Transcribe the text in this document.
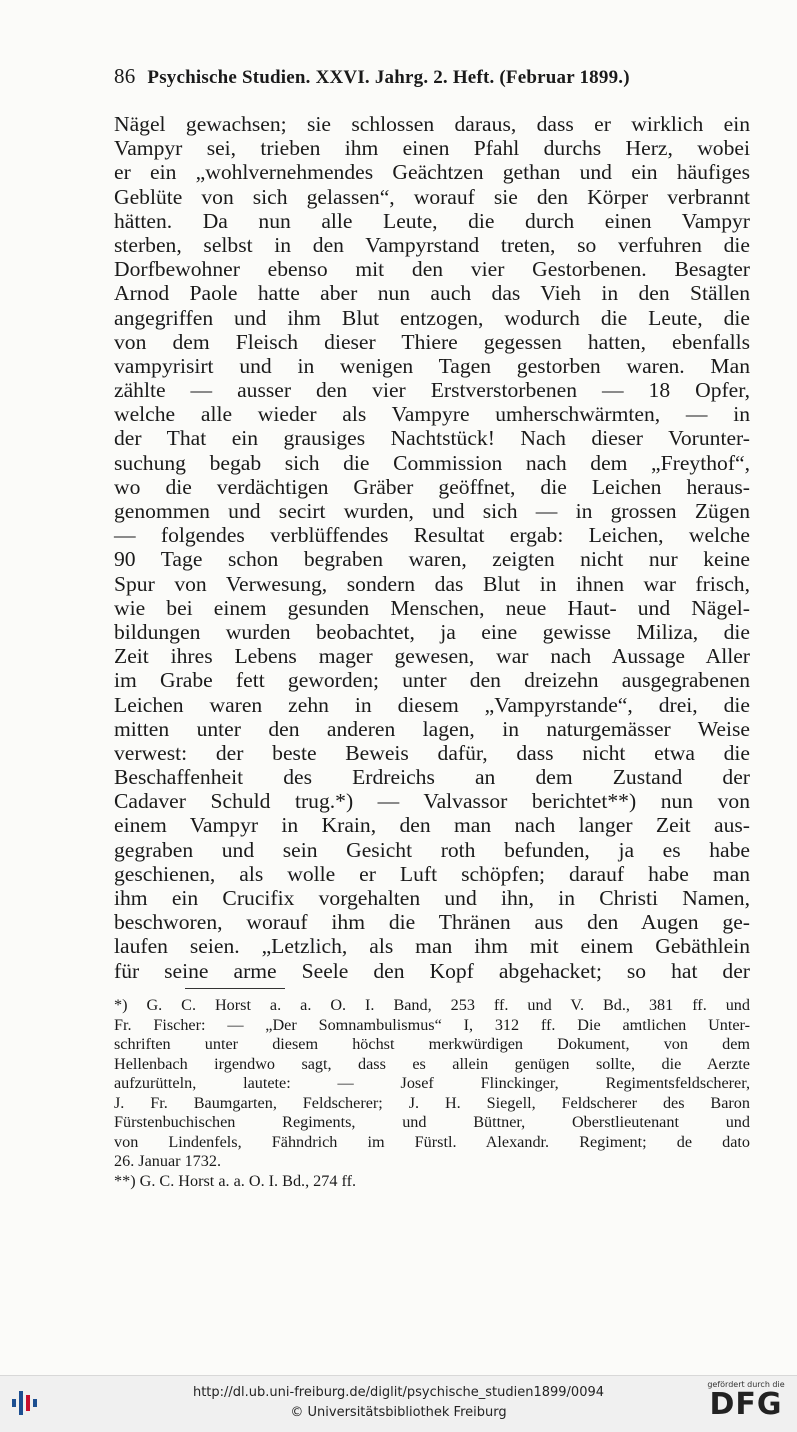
86 Psychische Studien. XXVI. Jahrg. 2. Heft. (Februar 1899.)
Nägel gewachsen; sie schlossen daraus, dass er wirklich ein
Vampyr sei, trieben ihm einen Pfahl durchs Herz, wobei
er ein „wohlvernehmendes Geächtzen gethan und ein häufiges
Geblüte von sich gelassen“, worauf sie den Körper verbrannt
hätten. Da nun alle Leute, die durch einen Vampyr
sterben, selbst in den Vampyrstand treten, so verfuhren die
Dorfbewohner ebenso mit den vier Gestorbenen. Besagter
Arnod Paole hatte aber nun auch das Vieh in den Ställen
angegriffen und ihm Blut entzogen, wodurch die Leute, die
von dem Fleisch dieser Thiere gegessen hatten, ebenfalls
vampyrisirt und in wenigen Tagen gestorben waren. Man
zählte — ausser den vier Erstverstorbenen — 18 Opfer,
welche alle wieder als Vampyre umherschwärmten, — in
der That ein grausiges Nachtstück! Nach dieser Vorunter-
suchung begab sich die Commission nach dem „Freythof“,
wo die verdächtigen Gräber geöffnet, die Leichen heraus-
genommen und secirt wurden, und sich — in grossen Zügen
— folgendes verblüffendes Resultat ergab: Leichen, welche
90 Tage schon begraben waren, zeigten nicht nur keine
Spur von Verwesung, sondern das Blut in ihnen war frisch,
wie bei einem gesunden Menschen, neue Haut- und Nägel-
bildungen wurden beobachtet, ja eine gewisse Miliza, die
Zeit ihres Lebens mager gewesen, war nach Aussage Aller
im Grabe fett geworden; unter den dreizehn ausgegrabenen
Leichen waren zehn in diesem „Vampyrstande“, drei, die
mitten unter den anderen lagen, in naturgemässer Weise
verwest: der beste Beweis dafür, dass nicht etwa die
Beschaffenheit des Erdreichs an dem Zustand der
Cadaver Schuld trug.*) — Valvassor berichtet**) nun von
einem Vampyr in Krain, den man nach langer Zeit aus-
gegraben und sein Gesicht roth befunden, ja es habe
geschienen, als wolle er Luft schöpfen; darauf habe man
ihm ein Crucifix vorgehalten und ihn, in Christi Namen,
beschworen, worauf ihm die Thränen aus den Augen ge-
laufen seien. „Letzlich, als man ihm mit einem Gebäthlein
für seine arme Seele den Kopf abgehacket; so hat der
*) G. C. Horst a. a. O. I. Band, 253 ff. und V. Bd., 381 ff. und
Fr. Fischer: — „Der Somnambulismus“ I, 312 ff. Die amtlichen Unter-
schriften unter diesem höchst merkwürdigen Dokument, von dem
Hellenbach irgendwo sagt, dass es allein genügen sollte, die Aerzte
aufzurütteln, lautete: — Josef Flinckinger, Regimentsfeldscherer,
J. Fr. Baumgarten, Feldscherer; J. H. Siegell, Feldscherer des Baron
Fürstenbuchischen Regiments, und Büttner, Oberstlieutenant und
von Lindenfels, Fähndrich im Fürstl. Alexandr. Regiment; de dato
26. Januar 1732.
**) G. C. Horst a. a. O. I. Bd., 274 ff.
http://dl.ub.uni-freiburg.de/diglit/psychische_studien1899/0094
© Universitätsbibliothek Freiburg
gefördert durch die
DFG
